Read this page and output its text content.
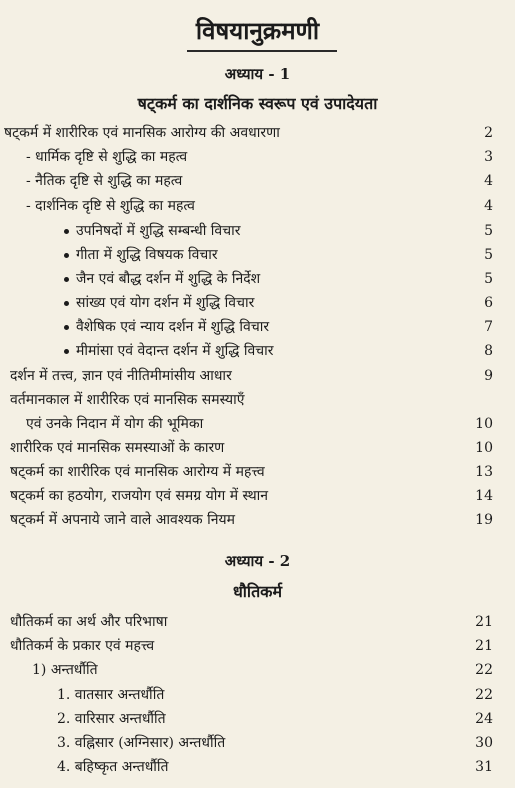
विषयानुक्रमणी
अध्याय - 1
षट्कर्म का दार्शनिक स्वरूप एवं उपादेयता
षट्कर्म में शारीरिक एवं मानसिक आरोग्य की अवधारणा	2
- धार्मिक दृष्टि से शुद्धि का महत्व	3
- नैतिक दृष्टि से शुद्धि का महत्व	4
- दार्शनिक दृष्टि से शुद्धि का महत्व	4
उपनिषदों में शुद्धि सम्बन्धी विचार	5
गीता में शुद्धि विषयक विचार	5
जैन एवं बौद्ध दर्शन में शुद्धि के निर्देश	5
सांख्य एवं योग दर्शन में शुद्धि विचार	6
वैशेषिक एवं न्याय दर्शन में शुद्धि विचार	7
मीमांसा एवं वेदान्त दर्शन में शुद्धि विचार	8
दर्शन में तत्त्व, ज्ञान एवं नीतिमीमांसीय आधार	9
वर्तमानकाल में शारीरिक एवं मानसिक समस्याएँ
एवं उनके निदान में योग की भूमिका	10
शारीरिक एवं मानसिक समस्याओं के कारण	10
षट्कर्म का शारीरिक एवं मानसिक आरोग्य में महत्त्व	13
षट्कर्म का हठयोग, राजयोग एवं समग्र योग में स्थान	14
षट्कर्म में अपनाये जाने वाले आवश्यक नियम	19
अध्याय - 2
धौतिकर्म
धौतिकर्म का अर्थ और परिभाषा	21
धौतिकर्म के प्रकार एवं महत्त्व	21
1) अन्तर्धौति	22
1. वातसार अन्तर्धौति	22
2. वारिसार अन्तर्धौति	24
3. वह्निसार (अग्निसार) अन्तर्धौति	30
4. बहिष्कृत अन्तर्धौति	31
